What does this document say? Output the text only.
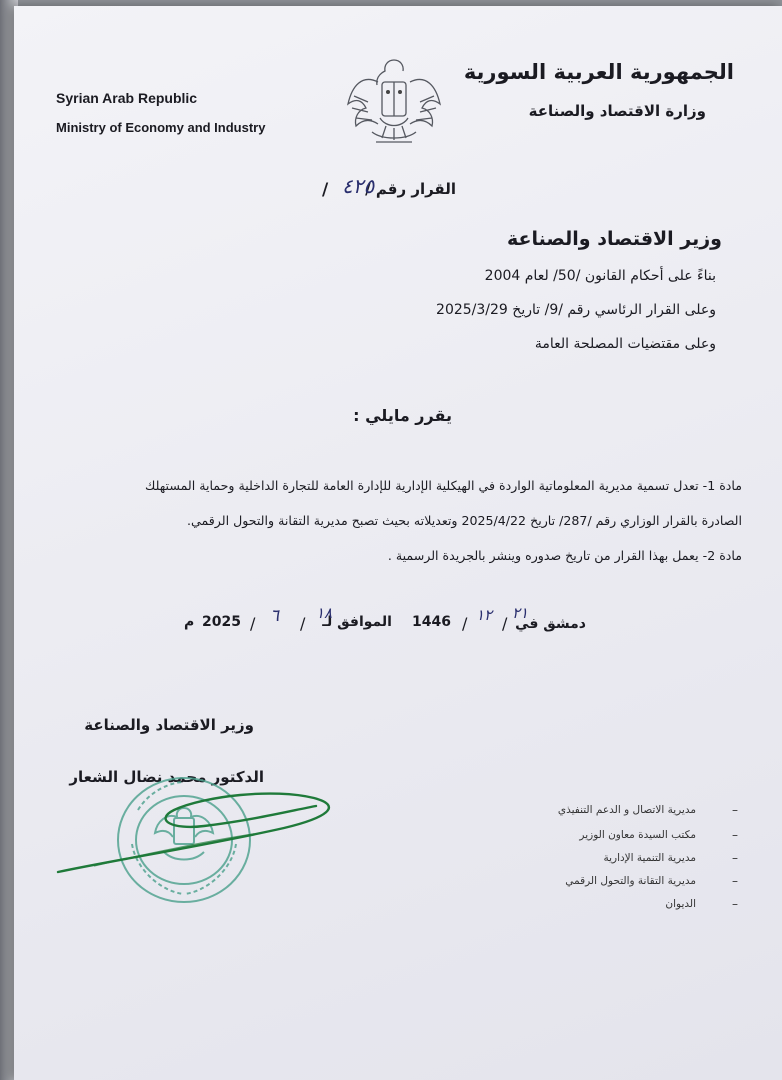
Syrian Arab Republic
Ministry of Economy and Industry
الجمهورية العربية السورية
وزارة الاقتصاد والصناعة
القرار رقم /
٤٢٥
/
وزير الاقتصاد والصناعة
بناءً على أحكام القانون /50/ لعام 2004
وعلى القرار الرئاسي رقم /9/ تاريخ 2025/3/29
وعلى مقتضيات المصلحة العامة
يقرر مايلي :
مادة 1- تعدل تسمية مديرية المعلوماتية الواردة في الهيكلية الإدارية للإدارة العامة للتجارة الداخلية وحماية المستهلك
الصادرة بالقرار الوزاري رقم /287/ تاريخ 2025/4/22 وتعديلاته بحيث تصبح مديرية التقانة والتحول الرقمي.
مادة 2- يعمل بهذا القرار من تاريخ صدوره وينشر بالجريدة الرسمية .
دمشق في
٢١
/
١٢
/
1446
الموافق لـ
١٨
/
٦
/
2025
م
وزير الاقتصاد والصناعة
الدكتور محمد نضال الشعار
مديرية الاتصال و الدعم التنفيذي	–
مكتب السيدة معاون الوزير	–
مديرية التنمية الإدارية	–
مديرية التقانة والتحول الرقمي	–
الديوان	–
